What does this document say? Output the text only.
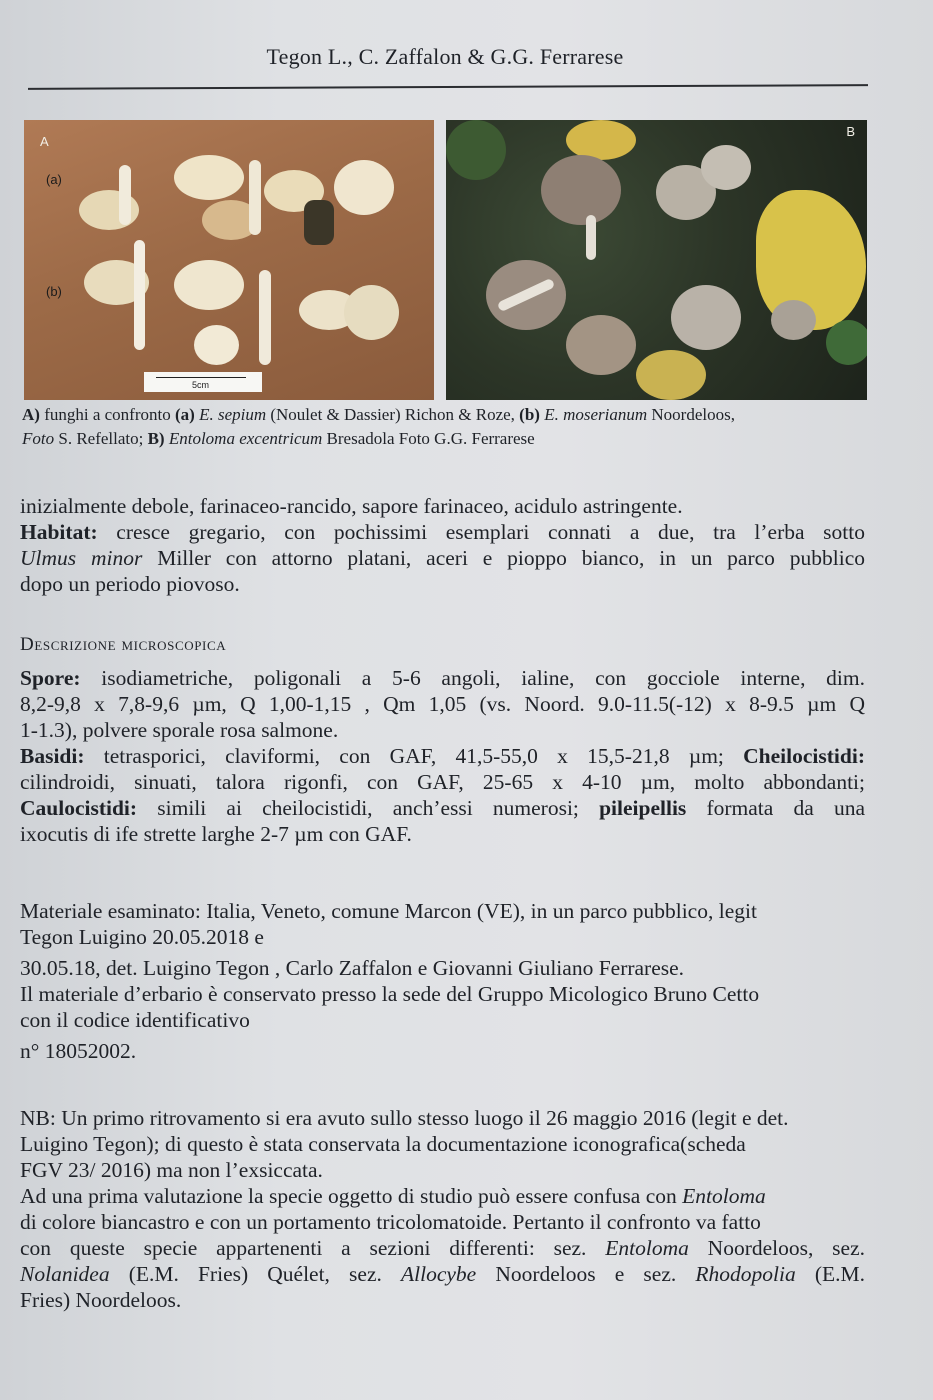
Tegon L., C. Zaffalon & G.G. Ferrarese
A
(a)
(b)
5cm
B
A) funghi a confronto (a) E. sepium (Noulet & Dassier) Richon & Roze, (b) E. moserianum Noordeloos,
Foto S. Refellato; B) Entoloma excentricum Bresadola Foto G.G. Ferrarese
inizialmente debole, farinaceo-rancido, sapore farinaceo, acidulo astringente.
Habitat: cresce gregario, con pochissimi esemplari connati a due, tra l’erba sotto
Ulmus minor Miller con attorno platani, aceri e pioppo bianco, in un parco pubblico
dopo un periodo piovoso.
Descrizione microscopica
Spore: isodiametriche, poligonali a 5-6 angoli, ialine, con gocciole interne, dim.
8,2-9,8 x 7,8-9,6 µm, Q 1,00-1,15 , Qm 1,05 (vs. Noord. 9.0-11.5(-12) x 8-9.5 µm Q
1-1.3), polvere sporale rosa salmone.
Basidi: tetrasporici, claviformi, con GAF, 41,5-55,0 x 15,5-21,8 µm; Cheilocistidi:
cilindroidi, sinuati, talora rigonfi, con GAF, 25-65 x 4-10 µm, molto abbondanti;
Caulocistidi: simili ai cheilocistidi, anch’essi numerosi; pileipellis formata da una
ixocutis di ife strette larghe 2-7 µm con GAF.
Materiale esaminato: Italia, Veneto, comune Marcon (VE), in un parco pubblico, legit
Tegon Luigino 20.05.2018 e
30.05.18, det. Luigino Tegon , Carlo Zaffalon e Giovanni Giuliano Ferrarese.
Il materiale d’erbario è conservato presso la sede del Gruppo Micologico Bruno Cetto
con il codice identificativo
n° 18052002.
NB: Un primo ritrovamento si era avuto sullo stesso luogo il 26 maggio 2016 (legit e det.
Luigino Tegon); di questo è stata conservata la documentazione iconografica(scheda
FGV 23/ 2016) ma non l’exsiccata.
Ad una prima valutazione la specie oggetto di studio può essere confusa con Entoloma
di colore biancastro e con un portamento tricolomatoide. Pertanto il confronto va fatto
con queste specie appartenenti a sezioni differenti: sez. Entoloma Noordeloos, sez.
Nolanidea (E.M. Fries) Quélet, sez. Allocybe Noordeloos e sez. Rhodopolia (E.M.
Fries) Noordeloos.
